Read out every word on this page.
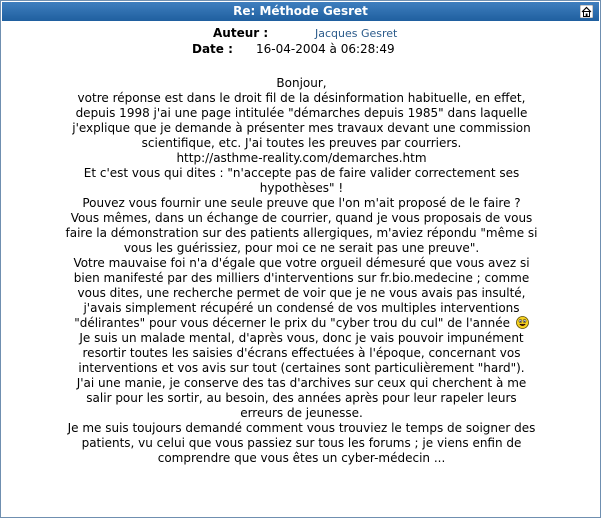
Re: Méthode Gesret
Auteur :	Jacques Gesret
Date : 16-04-2004 à 06:28:49
Bonjour,
votre réponse est dans le droit fil de la désinformation habituelle, en effet,
depuis 1998 j'ai une page intitulée "démarches depuis 1985" dans laquelle
j'explique que je demande à présenter mes travaux devant une commission
scientifique, etc. J'ai toutes les preuves par courriers.
http://asthme-reality.com/demarches.htm
Et c'est vous qui dites : "n'accepte pas de faire valider correctement ses
hypothèses" !
Pouvez vous fournir une seule preuve que l'on m'ait proposé de le faire ?
Vous mêmes, dans un échange de courrier, quand je vous proposais de vous
faire la démonstration sur des patients allergiques, m'aviez répondu "même si
vous les guérissiez, pour moi ce ne serait pas une preuve".
Votre mauvaise foi n'a d'égale que votre orgueil démesuré que vous avez si
bien manifesté par des milliers d'interventions sur fr.bio.medecine ; comme
vous dites, une recherche permet de voir que je ne vous avais pas insulté,
j'avais simplement récupéré un condensé de vos multiples interventions
"délirantes" pour vous décerner le prix du "cyber trou du cul" de l'année
Je suis un malade mental, d'après vous, donc je vais pouvoir impunément
resortir toutes les saisies d'écrans effectuées à l'époque, concernant vos
interventions et vos avis sur tout (certaines sont particulièrement "hard").
J'ai une manie, je conserve des tas d'archives sur ceux qui cherchent à me
salir pour les sortir, au besoin, des années après pour leur rapeler leurs
erreurs de jeunesse.
Je me suis toujours demandé comment vous trouviez le temps de soigner des
patients, vu celui que vous passiez sur tous les forums ; je viens enfin de
comprendre que vous êtes un cyber-médecin ...
